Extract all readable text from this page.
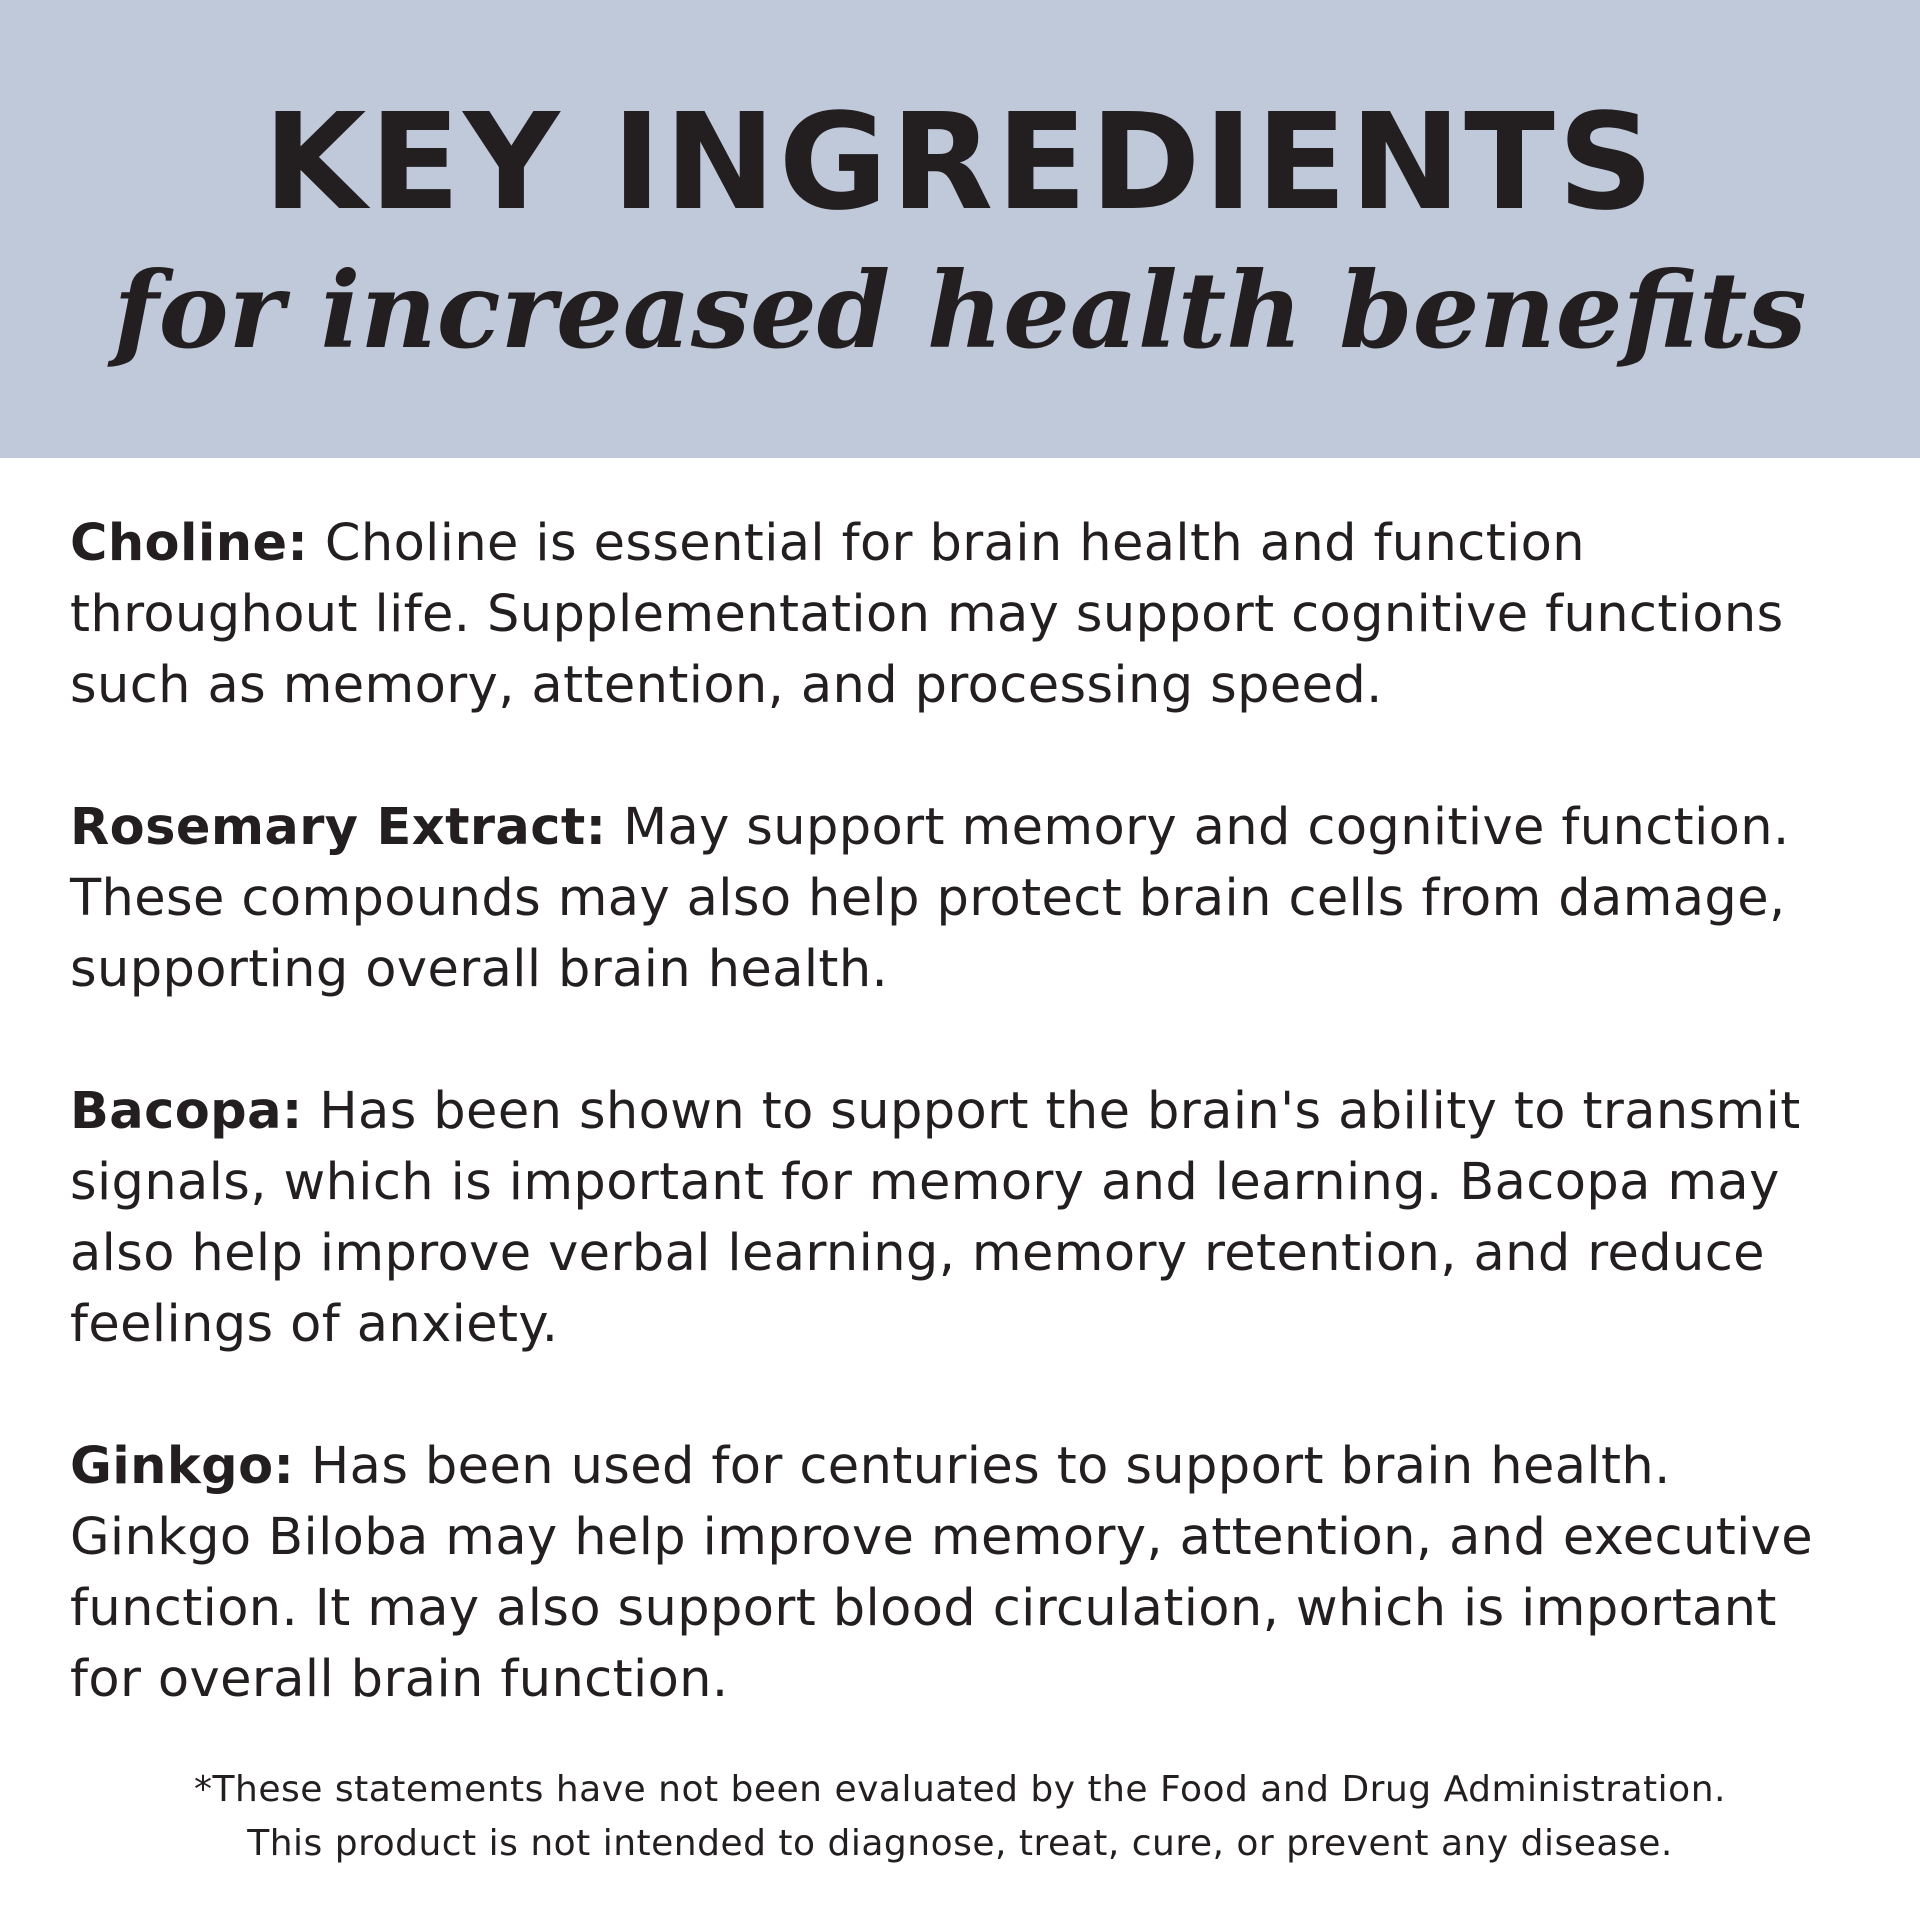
KEY INGREDIENTS
for increased health benefits
Choline: Choline is essential for brain health and function
throughout life. Supplementation may support cognitive functions
such as memory, attention, and processing speed.
Rosemary Extract: May support memory and cognitive function.
These compounds may also help protect brain cells from damage,
supporting overall brain health.
Bacopa: Has been shown to support the brain's ability to transmit
signals, which is important for memory and learning. Bacopa may
also help improve verbal learning, memory retention, and reduce
feelings of anxiety.
Ginkgo: Has been used for centuries to support brain health.
Ginkgo Biloba may help improve memory, attention, and executive
function. It may also support blood circulation, which is important
for overall brain function.
*These statements have not been evaluated by the Food and Drug Administration.
This product is not intended to diagnose, treat, cure, or prevent any disease.
